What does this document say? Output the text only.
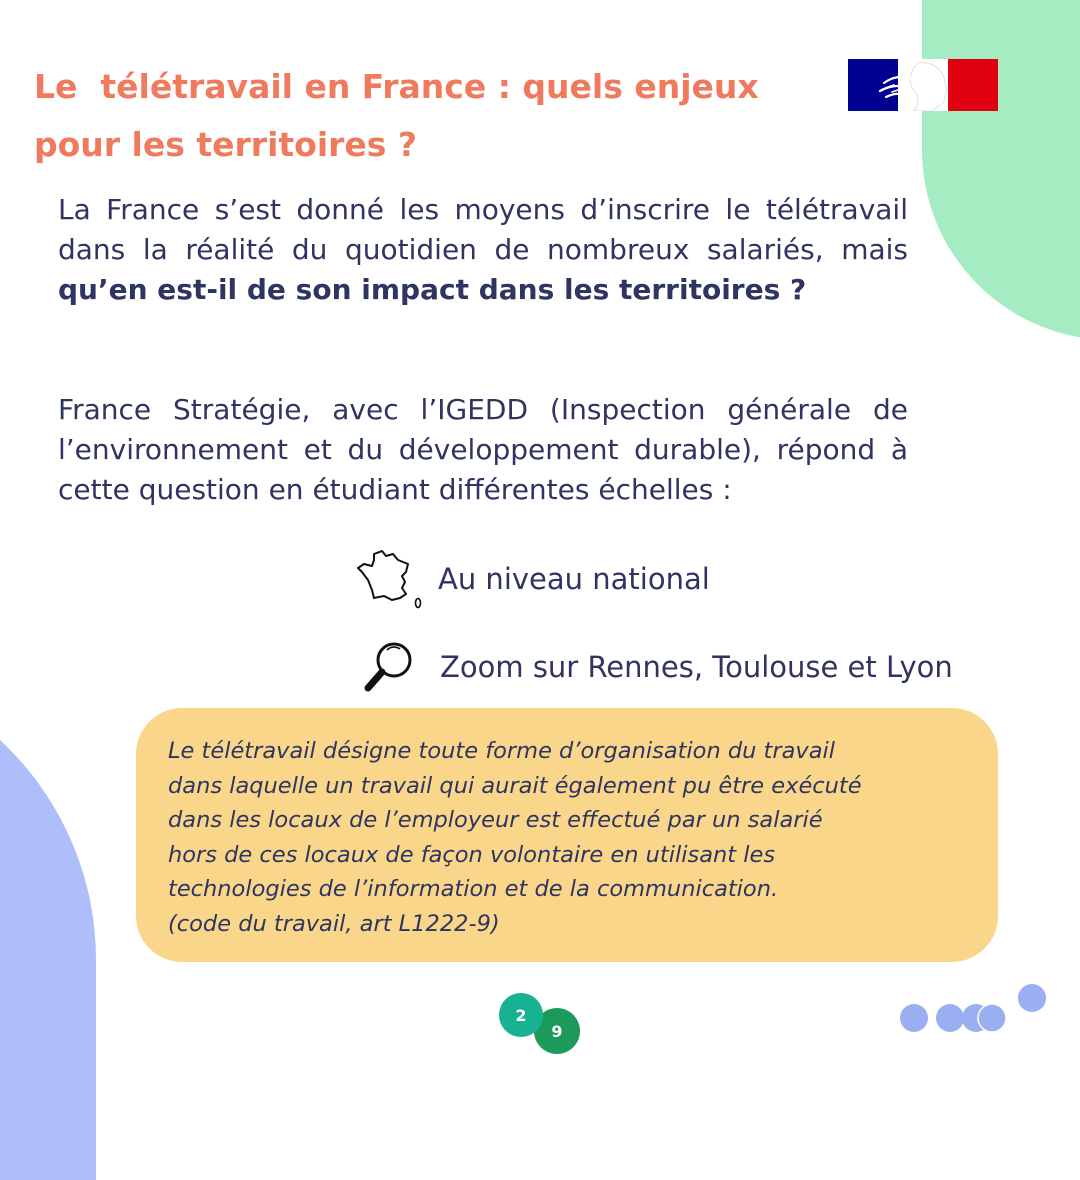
Le  télétravail en France : quels enjeux
pour les territoires ?

La France s’est donné les moyens d’inscrire le télétravail dans la réalité du quotidien de nombreux salariés, mais qu’en est-il de son impact dans les territoires ?

France Stratégie, avec l’IGEDD (Inspection générale de l’environnement et du développement durable), répond à cette question en étudiant différentes échelles :

Au niveau national
Zoom sur Rennes, Toulouse et Lyon

Le télétravail désigne toute forme d’organisation du travail
dans laquelle un travail qui aurait également pu être exécuté
dans les locaux de l’employeur est effectué par un salarié
hors de ces locaux de façon volontaire en utilisant les
technologies de l’information et de la communication.
(code du travail, art L1222-9)

2
9
